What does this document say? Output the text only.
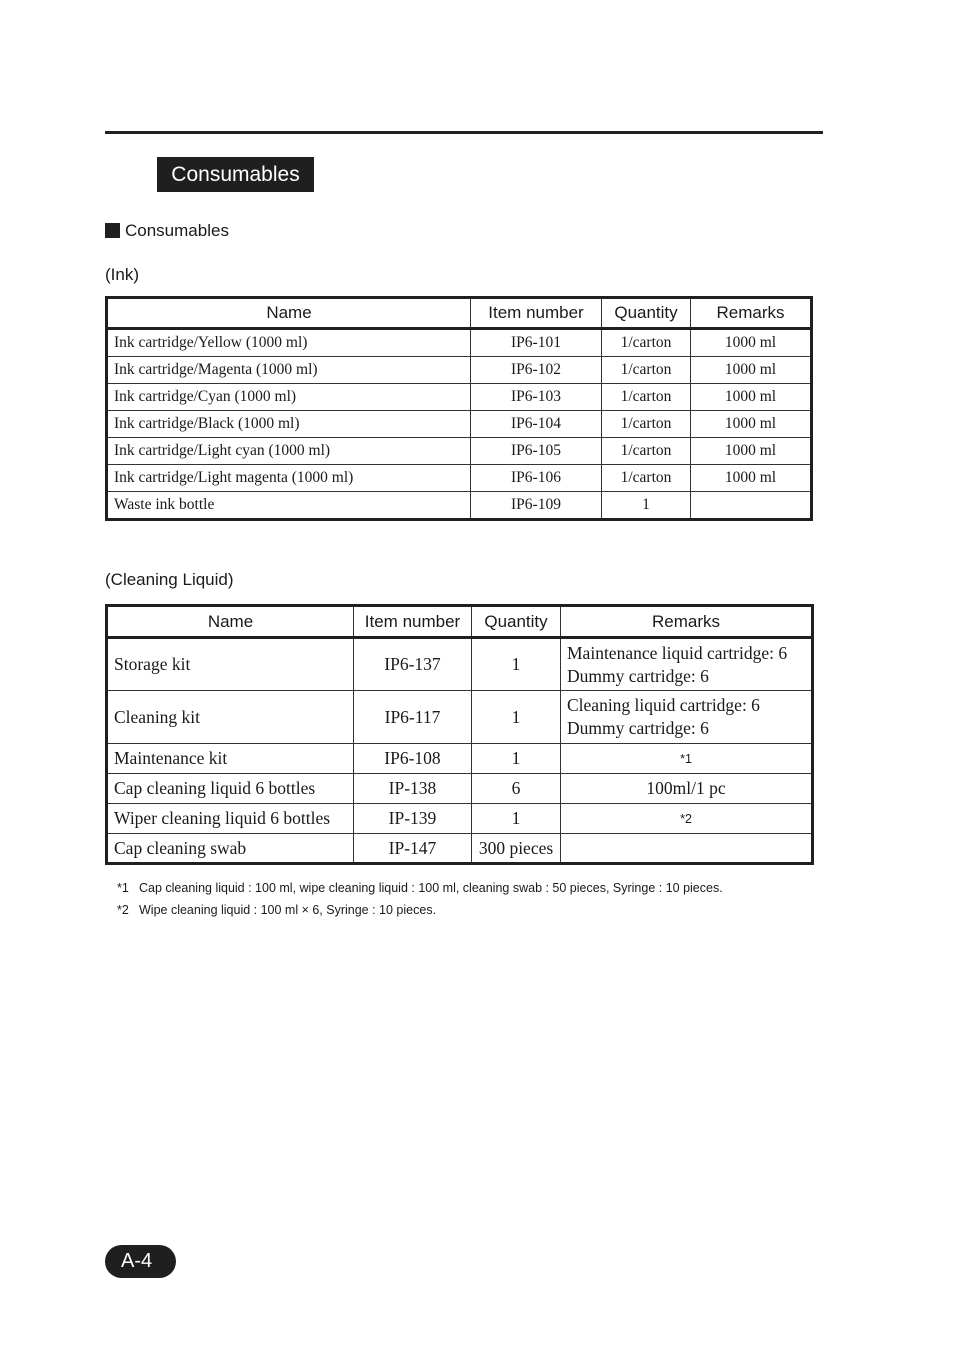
Consumables
Consumables
(Ink)
Name	Item number	Quantity	Remarks
Ink cartridge/Yellow (1000 ml)	IP6-101	1/carton	1000 ml
Ink cartridge/Magenta (1000 ml)	IP6-102	1/carton	1000 ml
Ink cartridge/Cyan (1000 ml)	IP6-103	1/carton	1000 ml
Ink cartridge/Black (1000 ml)	IP6-104	1/carton	1000 ml
Ink cartridge/Light cyan (1000 ml)	IP6-105	1/carton	1000 ml
Ink cartridge/Light magenta (1000 ml)	IP6-106	1/carton	1000 ml
Waste ink bottle	IP6-109	1	
(Cleaning Liquid)
Name	Item number	Quantity	Remarks
Storage kit	IP6-137	1	Maintenance liquid cartridge: 6
Dummy cartridge: 6

Cleaning kit	IP6-117	1	Cleaning liquid cartridge: 6
Dummy cartridge: 6

Maintenance kit	IP6-108	1	*1
Cap cleaning liquid 6 bottles	IP-138	6	100ml/1 pc
Wiper cleaning liquid 6 bottles	IP-139	1	*2
Cap cleaning swab	IP-147	300 pieces	
*1 Cap cleaning liquid : 100 ml, wipe cleaning liquid : 100 ml, cleaning swab : 50 pieces, Syringe : 10 pieces.
*2 Wipe cleaning liquid : 100 ml × 6, Syringe : 10 pieces.
A-4
